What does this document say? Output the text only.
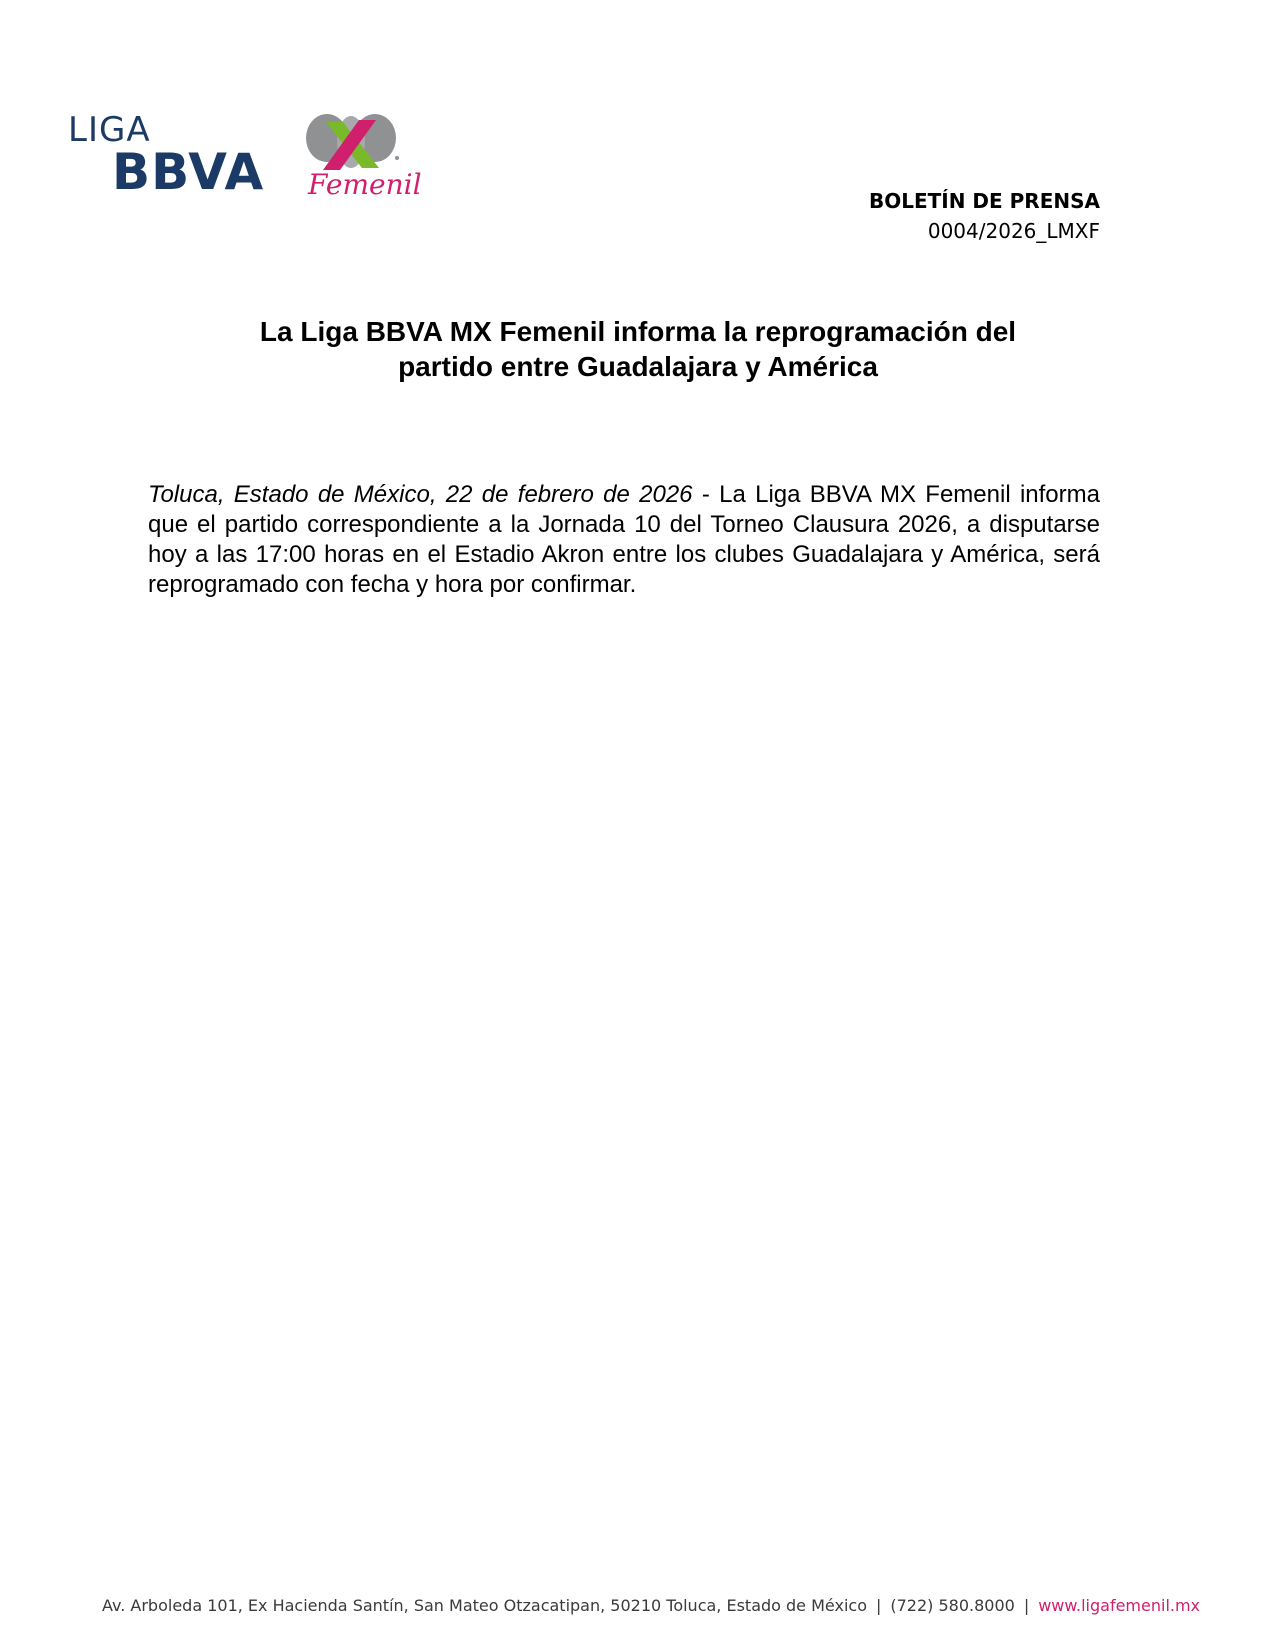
LIGA
BBVA Femenil	BOLETÍN DE PRENSA
0004/2026_LMXF
La Liga BBVA MX Femenil informa la reprogramación del
partido entre Guadalajara y América
Toluca, Estado de México, 22 de febrero de 2026 - La Liga BBVA MX Femenil informa que el partido correspondiente a la Jornada 10 del Torneo Clausura 2026, a disputarse hoy a las 17:00 horas en el Estadio Akron entre los clubes Guadalajara y América, será reprogramado con fecha y hora por confirmar.
Av. Arboleda 101, Ex Hacienda Santín, San Mateo Otzacatipan, 50210 Toluca, Estado de México | (722) 580.8000 | www.ligafemenil.mx
